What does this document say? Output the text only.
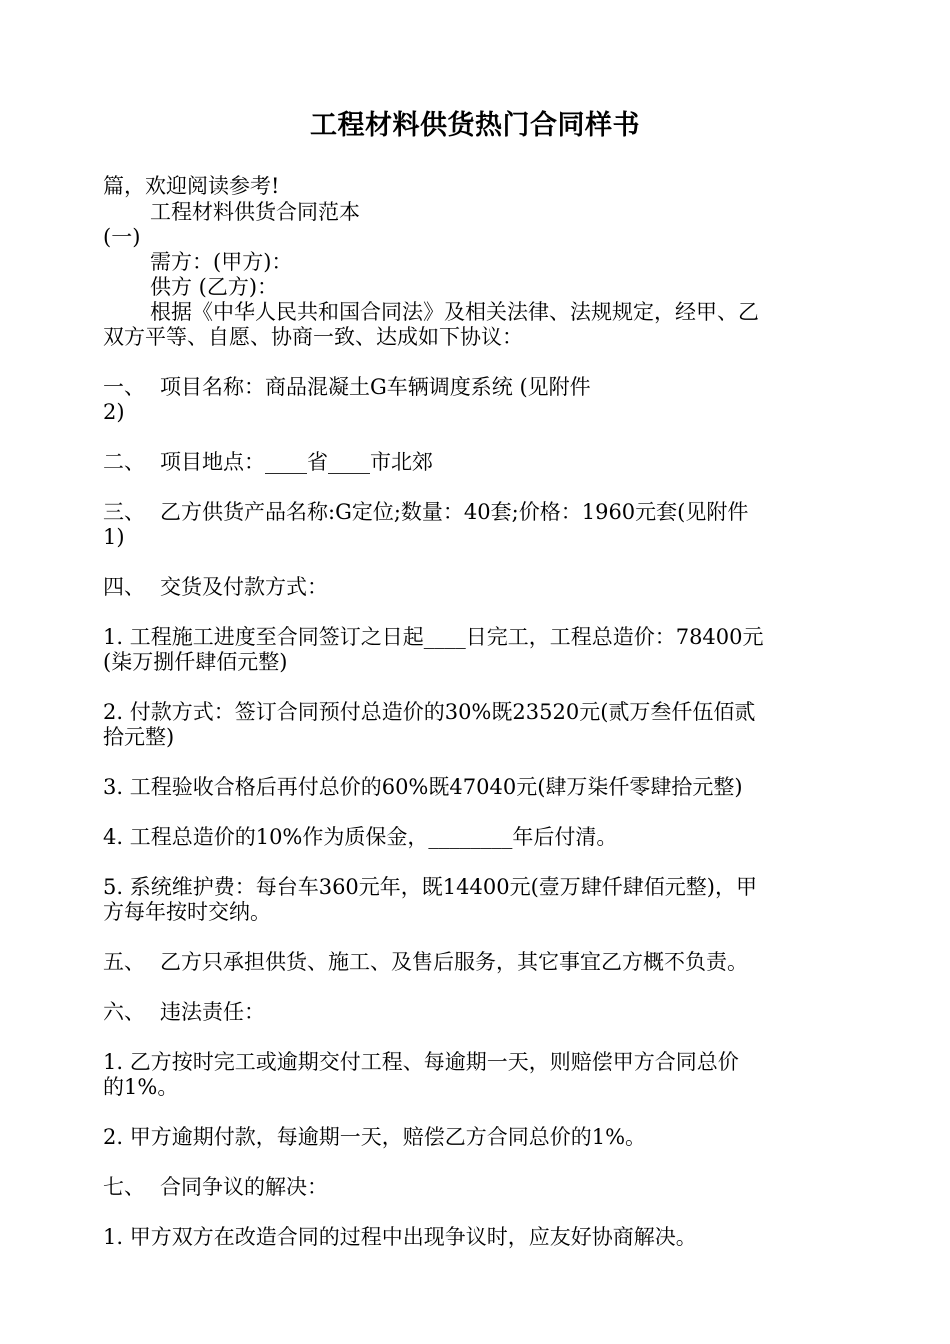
工程材料供货热门合同样书
篇，欢迎阅读参考!
工程材料供货合同范本
(一)
需方：(甲方)：
供方 (乙方)：
根据《中华人民共和国合同法》及相关法律、法规规定，经甲、乙
双方平等、自愿、协商一致、达成如下协议：
一、 项目名称：商品混凝土G车辆调度系统 (见附件
2)
二、 项目地点：____省____市北郊
三、 乙方供货产品名称:G定位;数量：40套;价格：1960元套(见附件
1)
四、 交货及付款方式：
1. 工程施工进度至合同签订之日起____日完工，工程总造价：78400元
(柒万捌仟肆佰元整)
2. 付款方式：签订合同预付总造价的30%既23520元(贰万叁仟伍佰贰
拾元整)
3. 工程验收合格后再付总价的60%既47040元(肆万柒仟零肆拾元整)
4. 工程总造价的10%作为质保金，________年后付清。
5. 系统维护费：每台车360元年，既14400元(壹万肆仟肆佰元整)，甲
方每年按时交纳。
五、 乙方只承担供货、施工、及售后服务，其它事宜乙方概不负责。
六、 违法责任：
1. 乙方按时完工或逾期交付工程、每逾期一天，则赔偿甲方合同总价
的1%。
2. 甲方逾期付款，每逾期一天，赔偿乙方合同总价的1%。
七、 合同争议的解决：
1. 甲方双方在改造合同的过程中出现争议时，应友好协商解决。
